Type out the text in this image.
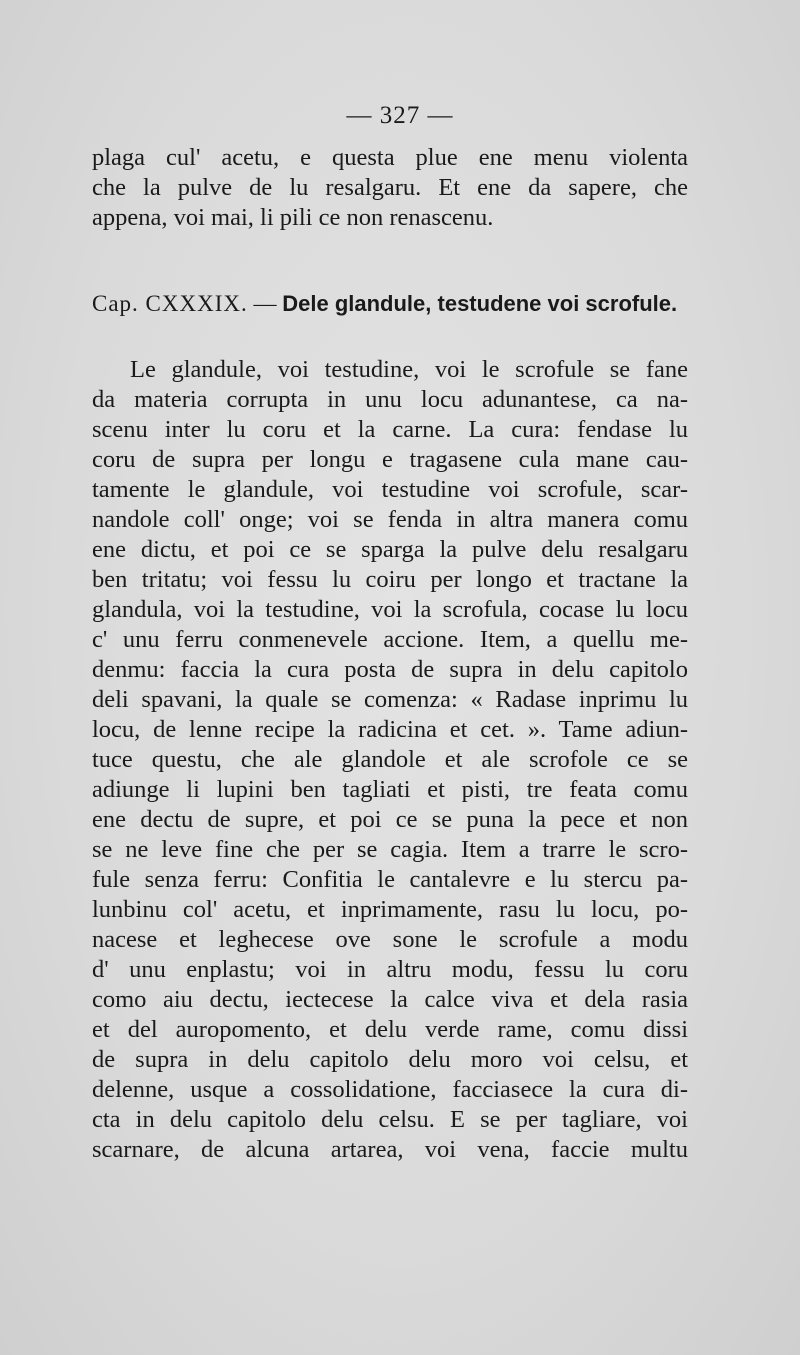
— 327 —
plaga cul' acetu, e questa plue ene menu violenta
che la pulve de lu resalgaru. Et ene da sapere, che
appena, voi mai, li pili ce non renascenu.
Cap. CXXXIX. — Dele glandule, testudene voi scrofule.
Le glandule, voi testudine, voi le scrofule se fane
da materia corrupta in unu locu adunantese, ca na-
scenu inter lu coru et la carne. La cura: fendase lu
coru de supra per longu e tragasene cula mane cau-
tamente le glandule, voi testudine voi scrofule, scar-
nandole coll' onge; voi se fenda in altra manera comu
ene dictu, et poi ce se sparga la pulve delu resalgaru
ben tritatu; voi fessu lu coiru per longo et tractane la
glandula, voi la testudine, voi la scrofula, cocase lu locu
c' unu ferru conmenevele accione. Item, a quellu me-
denmu: faccia la cura posta de supra in delu capitolo
deli spavani, la quale se comenza: « Radase inprimu lu
locu, de lenne recipe la radicina et cet. ». Tame adiun-
tuce questu, che ale glandole et ale scrofole ce se
adiunge li lupini ben tagliati et pisti, tre feata comu
ene dectu de supre, et poi ce se puna la pece et non
se ne leve fine che per se cagia. Item a trarre le scro-
fule senza ferru: Confitia le cantalevre e lu stercu pa-
lunbinu col' acetu, et inprimamente, rasu lu locu, po-
nacese et leghecese ove sone le scrofule a modu
d' unu enplastu; voi in altru modu, fessu lu coru
como aiu dectu, iectecese la calce viva et dela rasia
et del auropomento, et delu verde rame, comu dissi
de supra in delu capitolo delu moro voi celsu, et
delenne, usque a cossolidatione, facciasece la cura di-
cta in delu capitolo delu celsu. E se per tagliare, voi
scarnare, de alcuna artarea, voi vena, faccie multu
